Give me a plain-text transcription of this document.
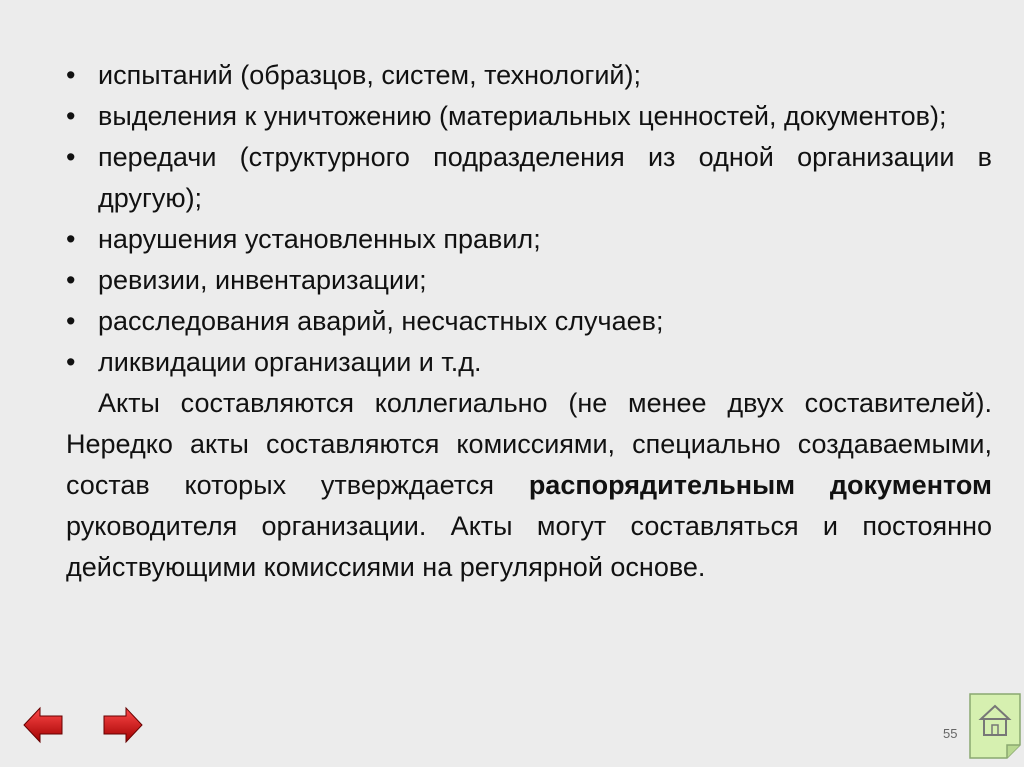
• испытаний (образцов, систем, технологий);
• выделения к уничтожению (материальных ценностей, документов);
• передачи (структурного подразделения из одной организации в другую);
• нарушения установленных правил;
• ревизии, инвентаризации;
• расследования аварий, несчастных случаев;
• ликвидации организации и т.д.
Акты составляются коллегиально (не менее двух составителей). Нередко акты составляются комиссиями, специально создаваемыми, состав которых утверждается распорядительным документом руководителя организации. Акты могут составляться и постоянно действующими комиссиями на регулярной основе.
55
